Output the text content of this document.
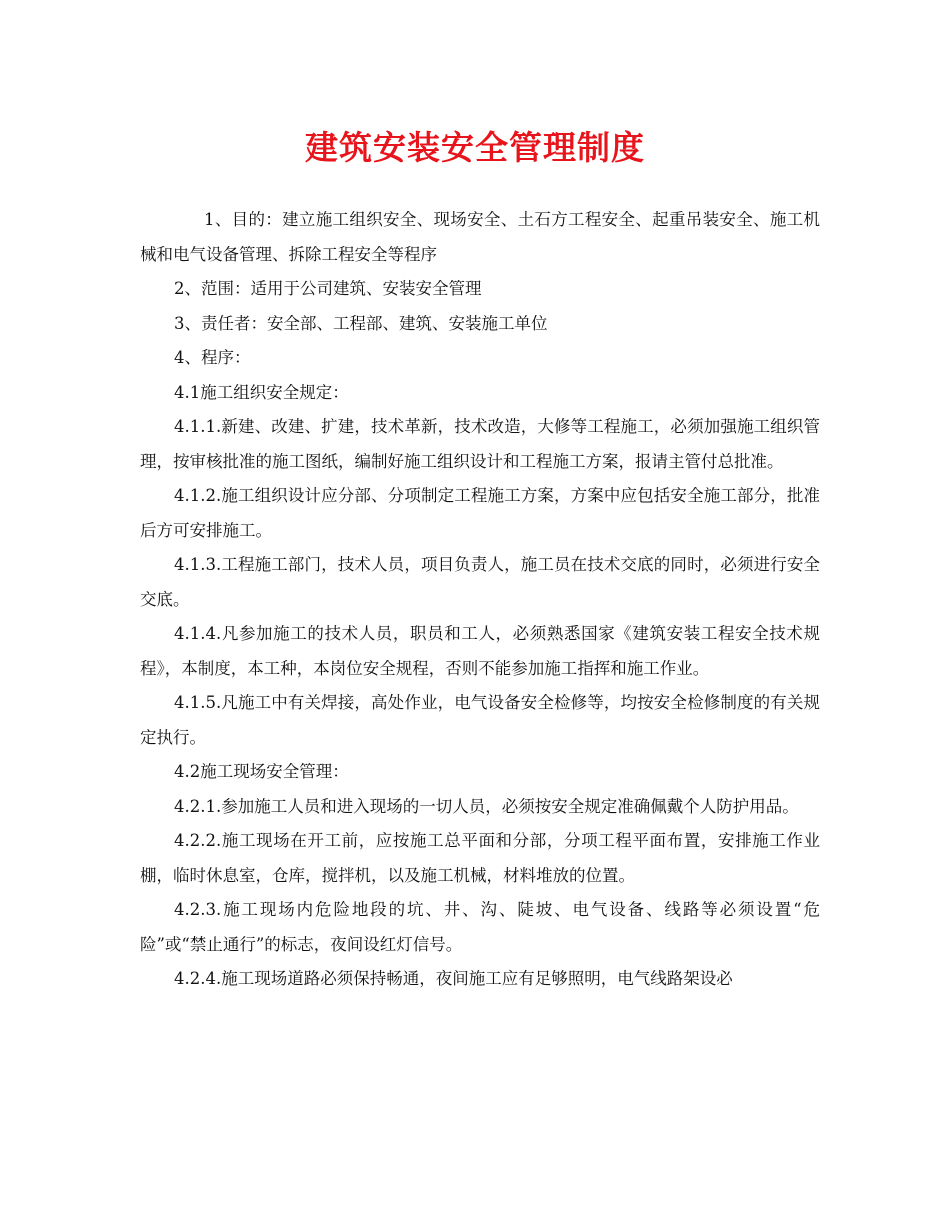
建筑安装安全管理制度

1、目的：建立施工组织安全、现场安全、土石方工程安全、起重吊装安全、施工机械和电气设备管理、拆除工程安全等程序

2、范围：适用于公司建筑、安装安全管理

3、责任者：安全部、工程部、建筑、安装施工单位

4、程序：

4.1施工组织安全规定：

4.1.1.新建、改建、扩建，技术革新，技术改造，大修等工程施工，必须加强施工组织管理，按审核批准的施工图纸，编制好施工组织设计和工程施工方案，报请主管付总批准。

4.1.2.施工组织设计应分部、分项制定工程施工方案，方案中应包括安全施工部分，批准后方可安排施工。

4.1.3.工程施工部门，技术人员，项目负责人，施工员在技术交底的同时，必须进行安全交底。

4.1.4.凡参加施工的技术人员，职员和工人，必须熟悉国家《建筑安装工程安全技术规程》，本制度，本工种，本岗位安全规程，否则不能参加施工指挥和施工作业。

4.1.5.凡施工中有关焊接，高处作业，电气设备安全检修等，均按安全检修制度的有关规定执行。

4.2施工现场安全管理：

4.2.1.参加施工人员和进入现场的一切人员，必须按安全规定准确佩戴个人防护用品。

4.2.2.施工现场在开工前，应按施工总平面和分部，分项工程平面布置，安排施工作业棚，临时休息室，仓库，搅拌机，以及施工机械，材料堆放的位置。

4.2.3.施工现场内危险地段的坑、井、沟、陡坡、电气设备、线路等必须设置“危险”或“禁止通行”的标志，夜间设红灯信号。

4.2.4.施工现场道路必须保持畅通，夜间施工应有足够照明，电气线路架设必
